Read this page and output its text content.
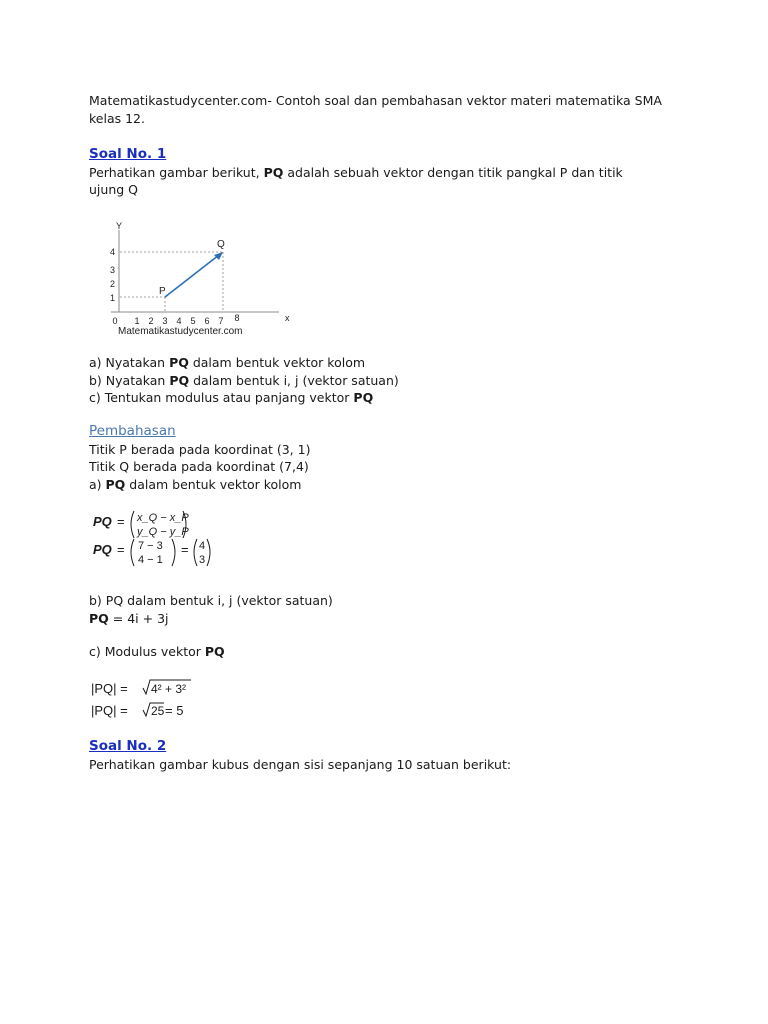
Matematikastudycenter.com- Contoh soal dan pembahasan vektor materi matematika SMA

kelas 12.

Soal No. 1

Perhatikan gambar berikut, PQ adalah sebuah vektor dengan titik pangkal P dan titik

ujung Q

Y
x
4
3
2
1
0 1 2 3 4 5 6 7 8
P
Q
Matematikastudycenter.com

a) Nyatakan PQ dalam bentuk vektor kolom

b) Nyatakan PQ dalam bentuk i, j (vektor satuan)

c) Tentukan modulus atau panjang vektor PQ

Pembahasan

Titik P berada pada koordinat (3, 1)

Titik Q berada pada koordinat (7,4)

a) PQ dalam bentuk vektor kolom

PQ = x_Q − x_P
y_Q − y_P
PQ = 7 − 3
4 − 1
= 4
3

b) PQ dalam bentuk i, j (vektor satuan)

PQ = 4i + 3j

c) Modulus vektor PQ

|PQ| = 4² + 3²
|PQ| = 25 = 5

Soal No. 2

Perhatikan gambar kubus dengan sisi sepanjang 10 satuan berikut:
